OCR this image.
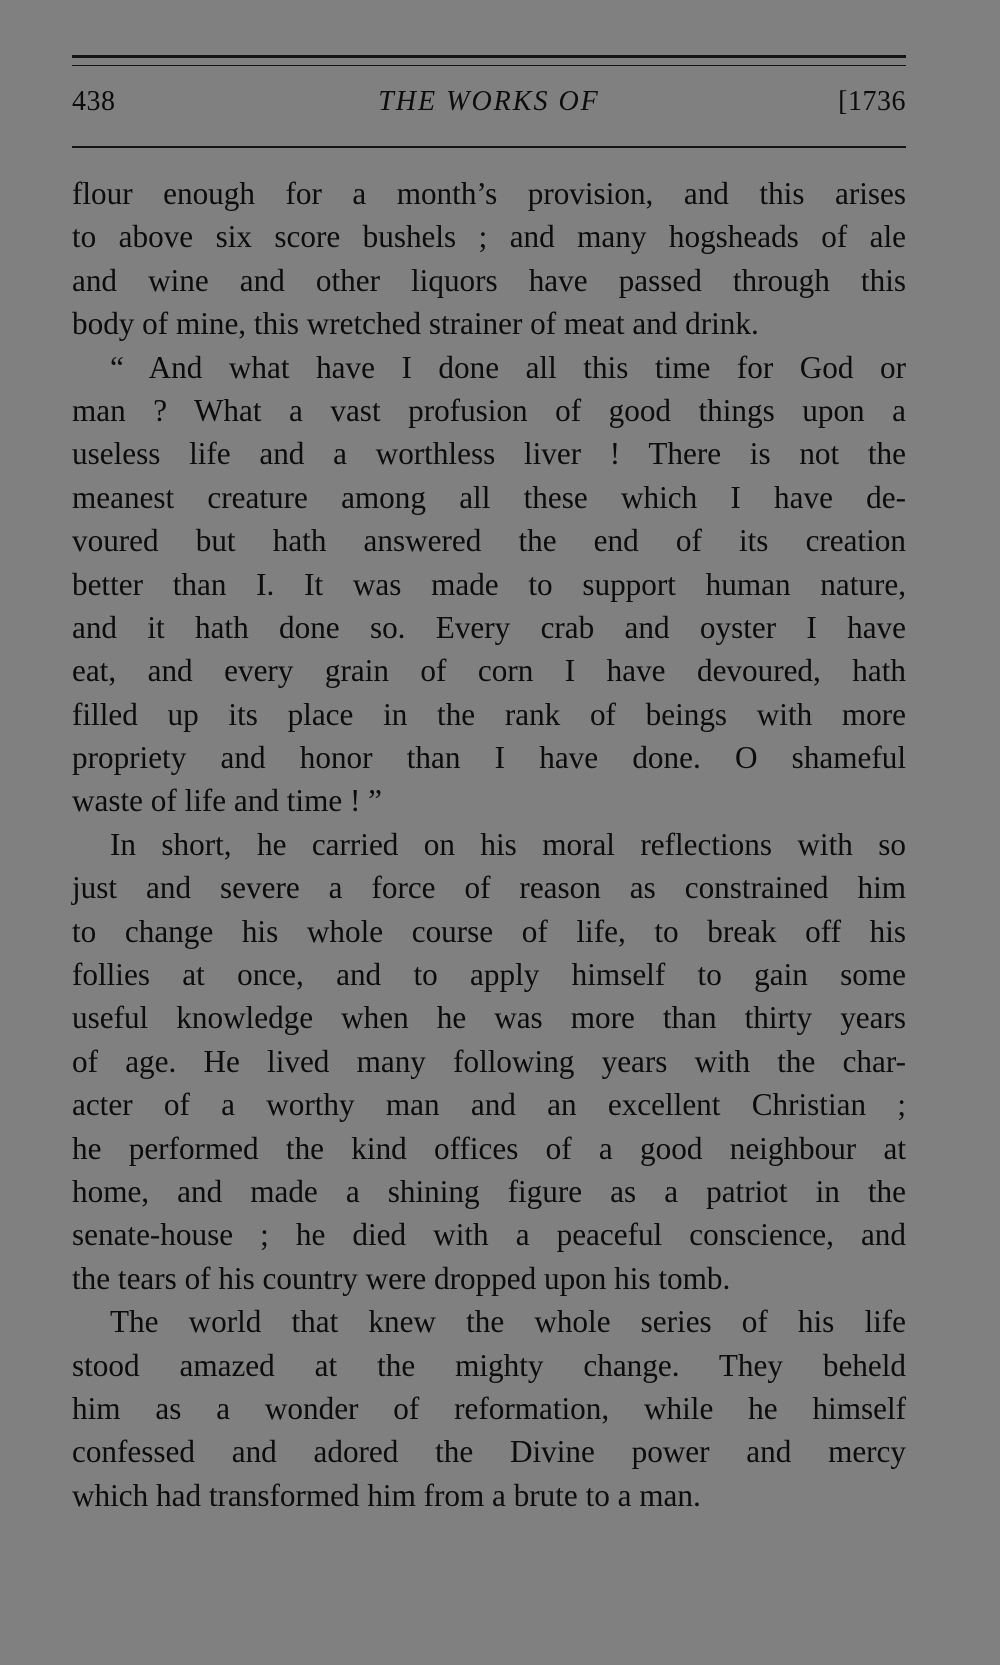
438	THE WORKS OF	[1736
flour enough for a month’s provision, and this arises
to above six score bushels ; and many hogsheads of ale
and wine and other liquors have passed through this
body of mine, this wretched strainer of meat and drink.
“ And what have I done all this time for God or
man ? What a vast profusion of good things upon a
useless life and a worthless liver ! There is not the
meanest creature among all these which I have de-
voured but hath answered the end of its creation
better than I. It was made to support human nature,
and it hath done so. Every crab and oyster I have
eat, and every grain of corn I have devoured, hath
filled up its place in the rank of beings with more
propriety and honor than I have done. O shameful
waste of life and time ! ”
In short, he carried on his moral reflections with so
just and severe a force of reason as constrained him
to change his whole course of life, to break off his
follies at once, and to apply himself to gain some
useful knowledge when he was more than thirty years
of age. He lived many following years with the char-
acter of a worthy man and an excellent Christian ;
he performed the kind offices of a good neighbour at
home, and made a shining figure as a patriot in the
senate-house ; he died with a peaceful conscience, and
the tears of his country were dropped upon his tomb.
The world that knew the whole series of his life
stood amazed at the mighty change. They beheld
him as a wonder of reformation, while he himself
confessed and adored the Divine power and mercy
which had transformed him from a brute to a man.
